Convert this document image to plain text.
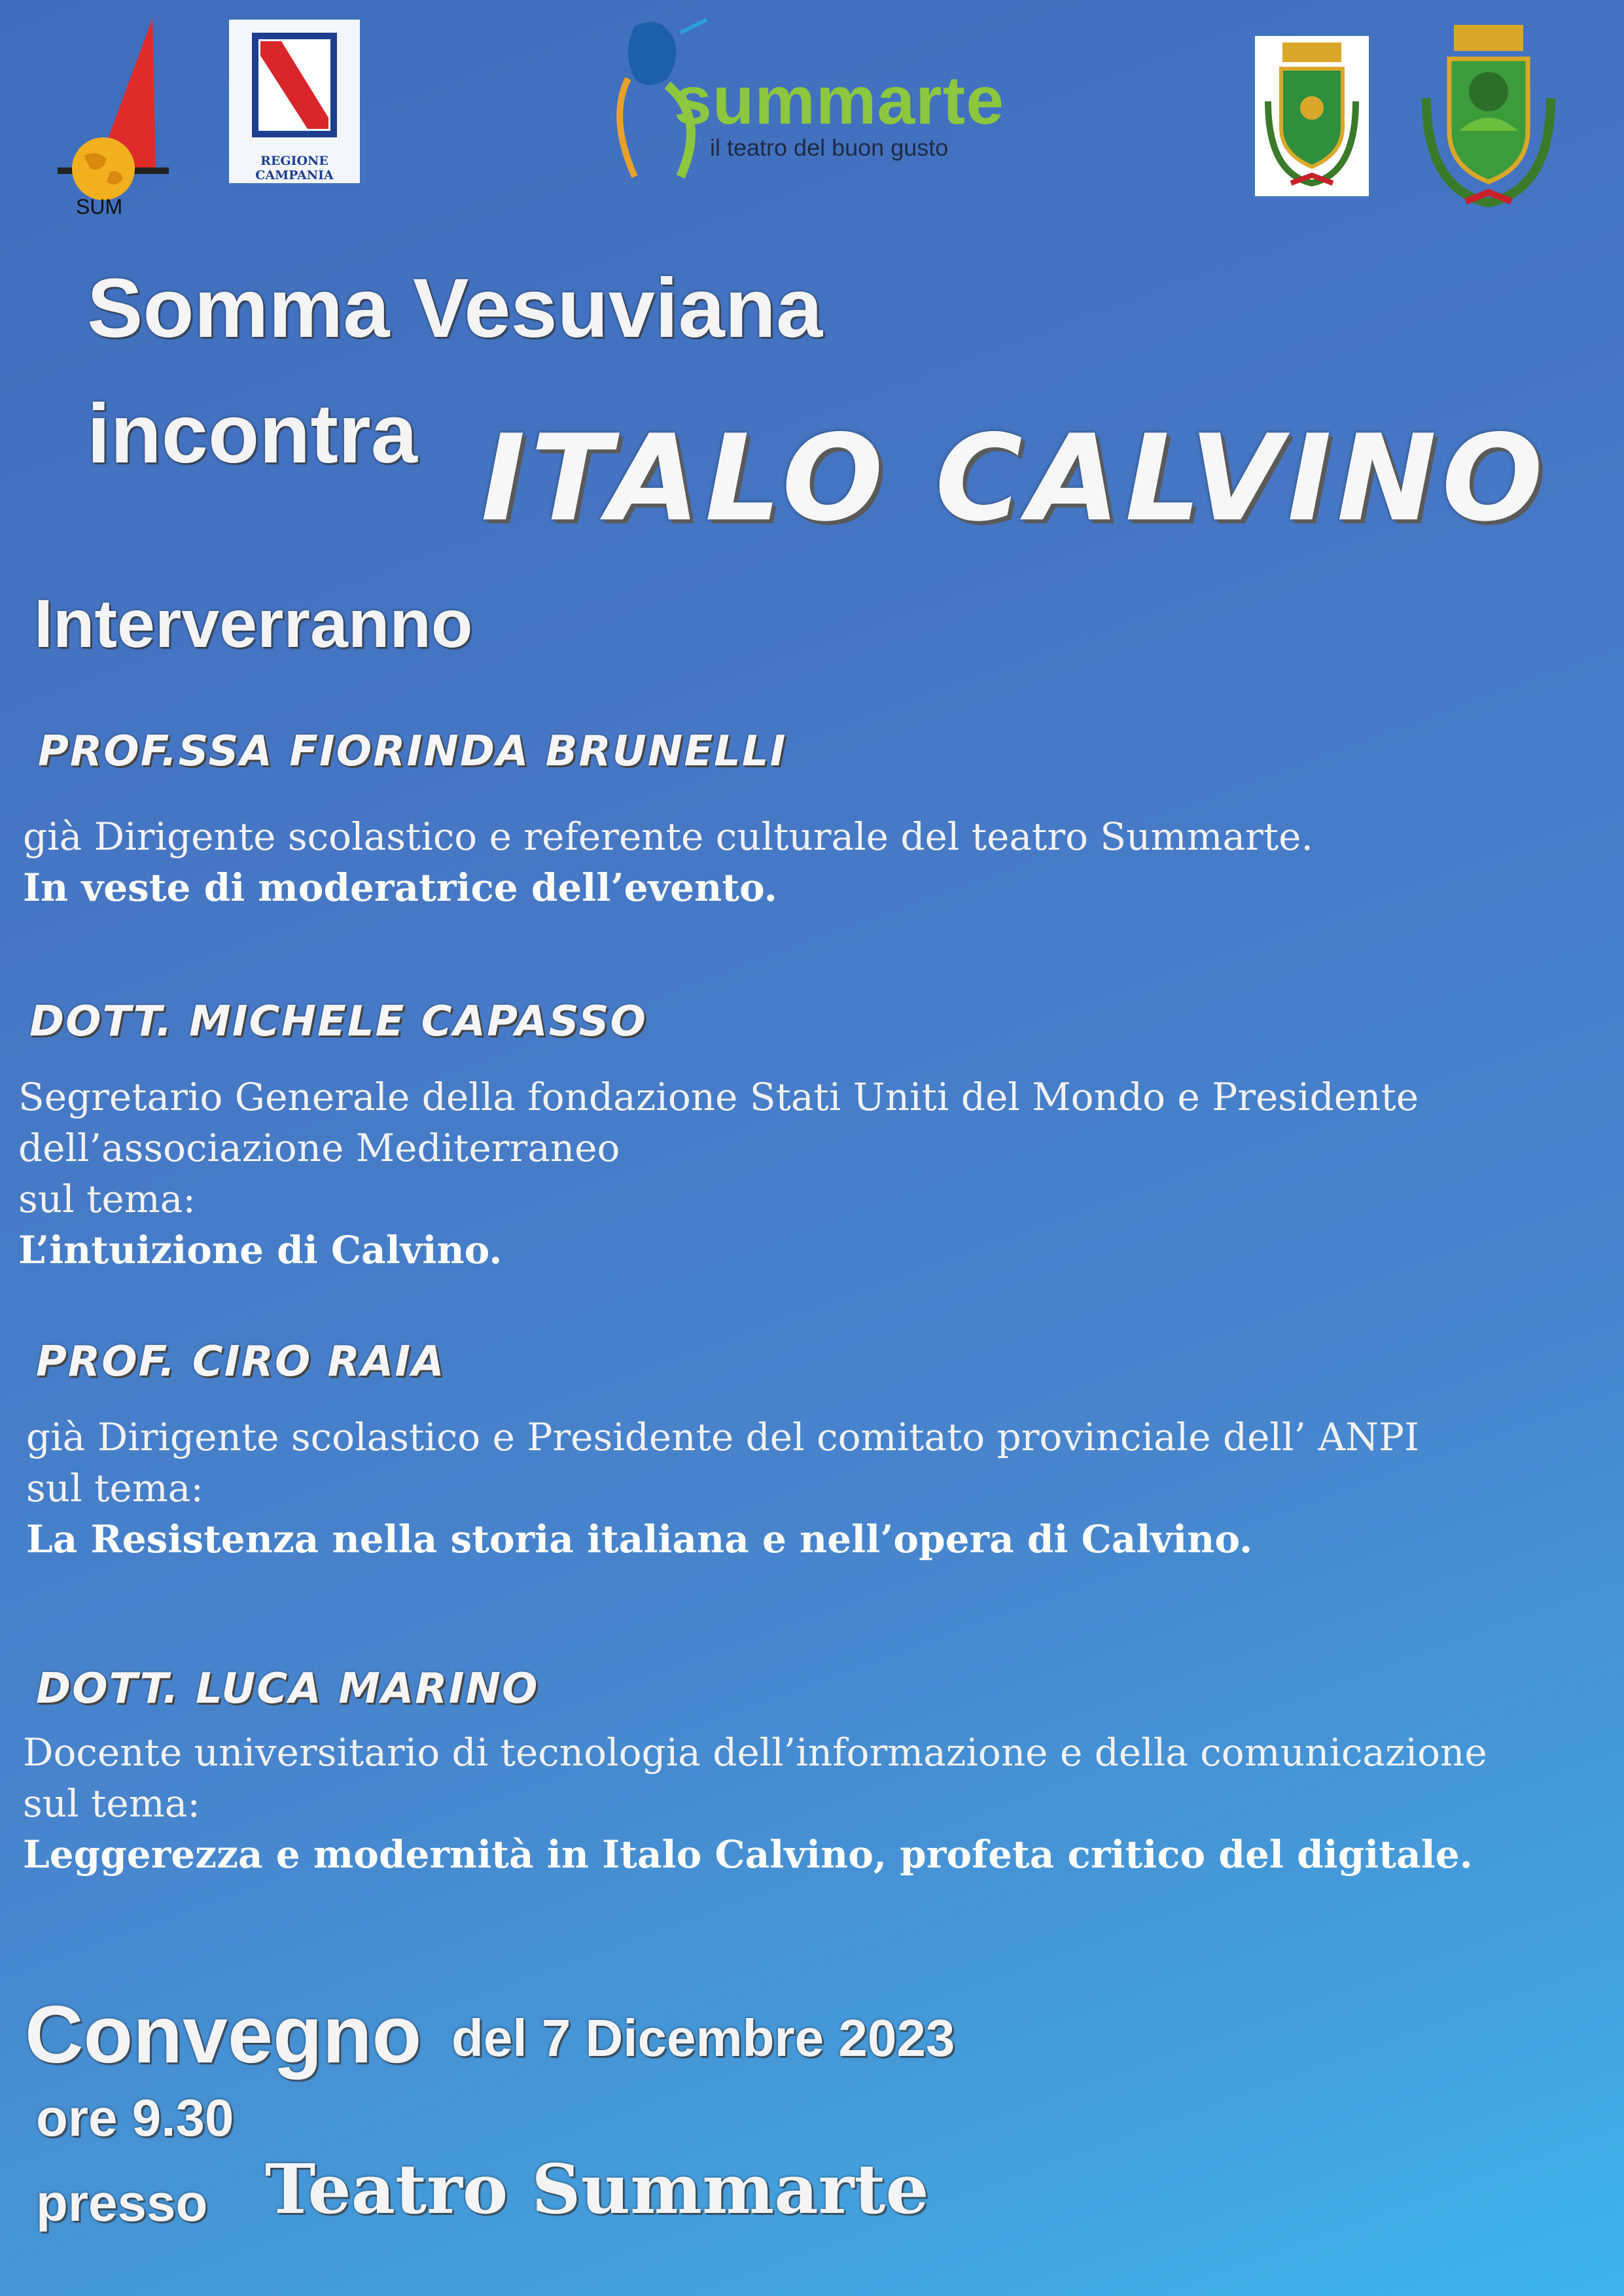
SUM
REGIONE CAMPANIA
summarte
il teatro del buon gusto
Somma Vesuviana
incontra ITALO CALVINO
Interverranno
PROF.SSA FIORINDA BRUNELLI
già Dirigente scolastico e referente culturale del teatro Summarte.
In veste di moderatrice dell’evento.
DOTT. MICHELE CAPASSO
Segretario Generale della fondazione Stati Uniti del Mondo e Presidente
dell’associazione Mediterraneo
sul tema:
L’intuizione di Calvino.
PROF. CIRO RAIA
già Dirigente scolastico e Presidente del comitato provinciale dell’ ANPI
sul tema:
La Resistenza nella storia italiana e nell’opera di Calvino.
DOTT. LUCA MARINO
Docente universitario di tecnologia dell’informazione e della comunicazione
sul tema:
Leggerezza e modernità in Italo Calvino, profeta critico del digitale.
Convegno del 7 Dicembre 2023
ore 9.30
presso Teatro Summarte
